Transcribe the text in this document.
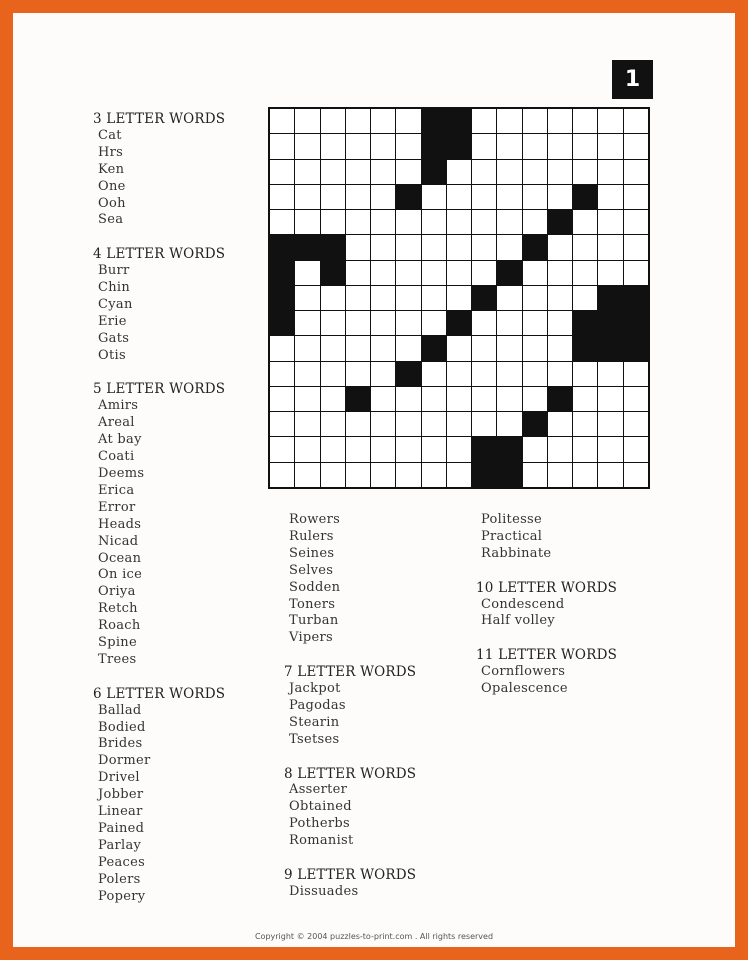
1
3 LETTER WORDS
Cat
Hrs
Ken
One
Ooh
Sea
4 LETTER WORDS
Burr
Chin
Cyan
Erie
Gats
Otis
5 LETTER WORDS
Amirs
Areal
At bay
Coati
Deems
Erica
Error
Heads
Nicad
Ocean
On ice
Oriya
Retch
Roach
Spine
Trees
6 LETTER WORDS
Ballad
Bodied
Brides
Dormer
Drivel
Jobber
Linear
Pained
Parlay
Peaces
Polers
Popery
Rowers
Rulers
Seines
Selves
Sodden
Toners
Turban
Vipers
7 LETTER WORDS
Jackpot
Pagodas
Stearin
Tsetses
8 LETTER WORDS
Asserter
Obtained
Potherbs
Romanist
9 LETTER WORDS
Dissuades
Politesse
Practical
Rabbinate
10 LETTER WORDS
Condescend
Half volley
11 LETTER WORDS
Cornflowers
Opalescence
Copyright © 2004 puzzles-to-print.com . All rights reserved
